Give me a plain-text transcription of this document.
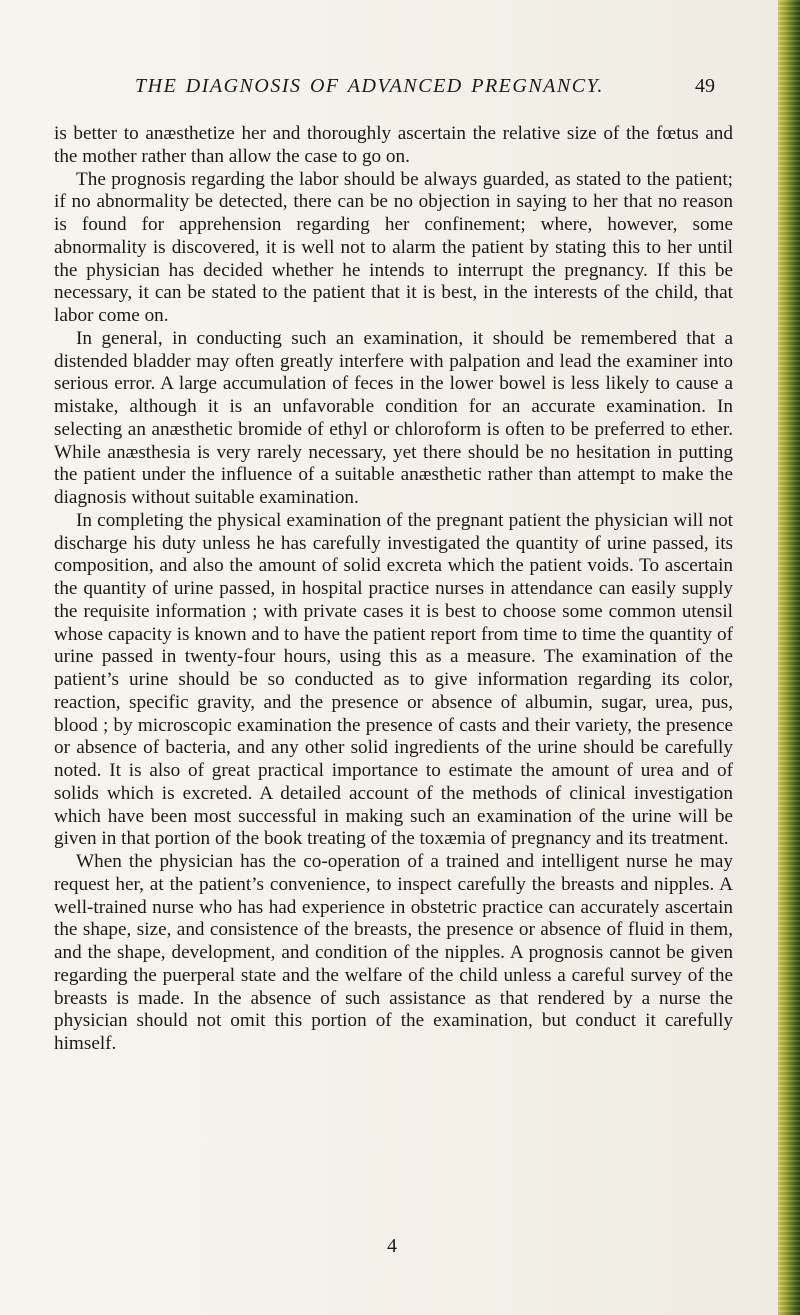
THE DIAGNOSIS OF ADVANCED PREGNANCY.	49

is better to anæsthetize her and thoroughly ascertain the relative size of the fœtus and the mother rather than allow the case to go on.

The prognosis regarding the labor should be always guarded, as stated to the patient; if no abnormality be detected, there can be no objection in saying to her that no reason is found for apprehension regarding her confinement; where, however, some abnormality is discovered, it is well not to alarm the patient by stating this to her until the physician has decided whether he intends to interrupt the pregnancy. If this be necessary, it can be stated to the patient that it is best, in the interests of the child, that labor come on.

In general, in conducting such an examination, it should be remembered that a distended bladder may often greatly interfere with palpation and lead the examiner into serious error. A large accumulation of feces in the lower bowel is less likely to cause a mistake, although it is an unfavorable condition for an accurate examination. In selecting an anæsthetic bromide of ethyl or chloroform is often to be preferred to ether. While anæsthesia is very rarely necessary, yet there should be no hesitation in putting the patient under the influence of a suitable anæsthetic rather than attempt to make the diagnosis without suitable examination.

In completing the physical examination of the pregnant patient the physician will not discharge his duty unless he has carefully investigated the quantity of urine passed, its composition, and also the amount of solid excreta which the patient voids. To ascertain the quantity of urine passed, in hospital practice nurses in attendance can easily supply the requisite information ; with private cases it is best to choose some common utensil whose capacity is known and to have the patient report from time to time the quantity of urine passed in twenty-four hours, using this as a measure. The examination of the patient’s urine should be so conducted as to give information regarding its color, reaction, specific gravity, and the presence or absence of albumin, sugar, urea, pus, blood ; by microscopic examination the presence of casts and their variety, the presence or absence of bacteria, and any other solid ingredients of the urine should be carefully noted. It is also of great practical importance to estimate the amount of urea and of solids which is excreted. A detailed account of the methods of clinical investigation which have been most successful in making such an examination of the urine will be given in that portion of the book treating of the toxæmia of pregnancy and its treatment.

When the physician has the co-operation of a trained and intelligent nurse he may request her, at the patient’s convenience, to inspect carefully the breasts and nipples. A well-trained nurse who has had experience in obstetric practice can accurately ascertain the shape, size, and consistence of the breasts, the presence or absence of fluid in them, and the shape, development, and condition of the nipples. A prognosis cannot be given regarding the puerperal state and the welfare of the child unless a careful survey of the breasts is made. In the absence of such assistance as that rendered by a nurse the physician should not omit this portion of the examination, but conduct it carefully himself.

4
